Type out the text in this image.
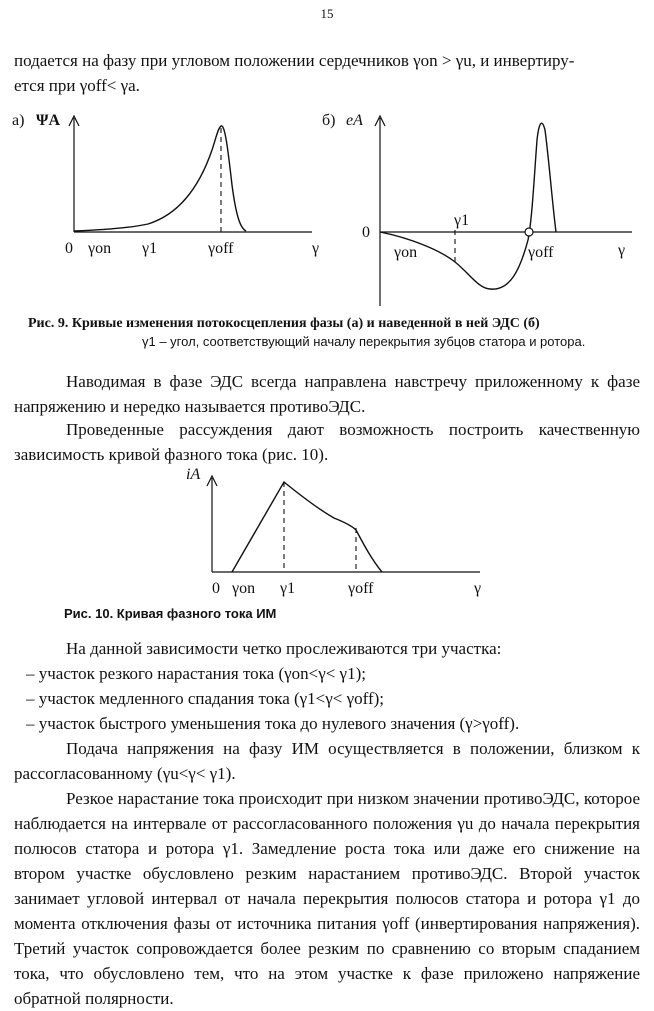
15
подается на фазу при угловом положении сердечников γon > γu, и инвертиру-
ется при γoff< γa.
а) ΨA
0 γon γ1	γoff	γ
б) eA
0
γ1
γon	γoff	γ
Рис. 9. Кривые изменения потокосцепления фазы (а) и наведенной в ней ЭДС (б)
γ1 – угол, соответствующий началу перекрытия зубцов статора и ротора.
Наводимая в фазе ЭДС всегда направлена навстречу приложенному к фазе напряжению и нередко называется противоЭДС.
Проведенные рассуждения дают возможность построить качественную зависимость кривой фазного тока (рис. 10).
iA
0 γon γ1	γoff	γ
Рис. 10. Кривая фазного тока ИМ
На данной зависимости четко прослеживаются три участка:
– участок резкого нарастания тока (γon<γ< γ1);
– участок медленного спадания тока (γ1<γ< γoff);
– участок быстрого уменьшения тока до нулевого значения (γ>γoff).
Подача напряжения на фазу ИМ осуществляется в положении, близком к рассогласованному (γu<γ< γ1).
Резкое нарастание тока происходит при низком значении противоЭДС, которое наблюдается на интервале от рассогласованного положения γu до начала перекрытия полюсов статора и ротора γ1. Замедление роста тока или даже его снижение на втором участке обусловлено резким нарастанием противоЭДС. Второй участок занимает угловой интервал от начала перекрытия полюсов статора и ротора γ1 до момента отключения фазы от источника питания γoff (инвертирования напряжения). Третий участок сопровождается более резким по сравнению со вторым спаданием тока, что обусловлено тем, что на этом участке к фазе приложено напряжение обратной полярности.
